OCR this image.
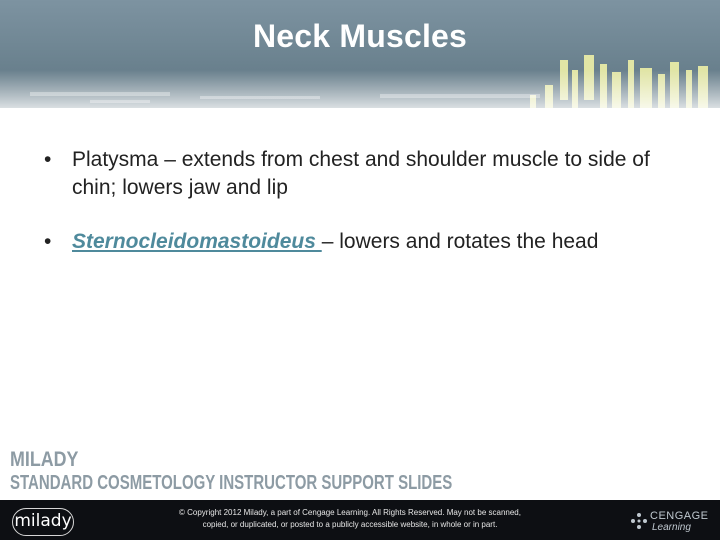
Neck Muscles
• Platysma – extends from chest and shoulder muscle to side of chin; lowers jaw and lip
• Sternocleidomastoideus – lowers and rotates the head
MILADY
STANDARD COSMETOLOGY INSTRUCTOR SUPPORT SLIDES
milady	© Copyright 2012 Milady, a part of Cengage Learning. All Rights Reserved. May not be scanned,
copied, or duplicated, or posted to a publicly accessible website, in whole or in part.
CENGAGE
Learning
